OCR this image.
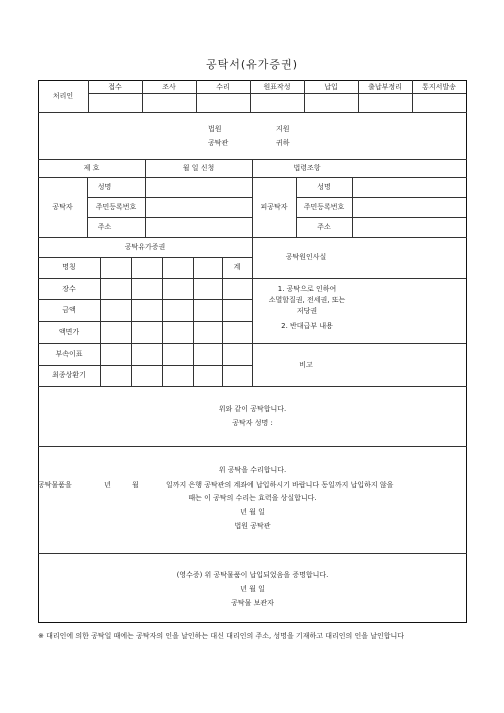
공탁서(유가증권)
처리인
접수	조사	수리	원표작성	납입	출납부정리	통지서발송
법원	지원
공탁관	귀하
제 호	월 일 신청	법령조항
공탁자
성명
주민등록번호
주소
피공탁자
성명
주민등록번호
주소
공탁유가증권
명칭	계
장수
금액
액면가
부속이표
최종상환기
공탁원인사실
1. 공탁으로 인하여
소멸할질권, 전세권, 또는
저당권
2. 반대급부 내용
비고
위와 같이 공탁합니다.
공탁자 성명 :
위 공탁을 수리합니다.
공탁물품을	년	월	일까지 은행 공탁관의 계좌에 납입하시기 바랍니다 동일까지 납입하지 않을
때는 이 공탁의 수리는 효력을 상실합니다.
년 월 일
법원 공탁관
(영수증) 위 공탁물품이 납입되었음을 증명합니다.
년 월 일
공탁물 보관자
※ 대리인에 의한 공탁일 때에는 공탁자의 인을 날인하는 대신 대리인의 주소, 성명을 기재하고 대리인의 인을 날인합니다
